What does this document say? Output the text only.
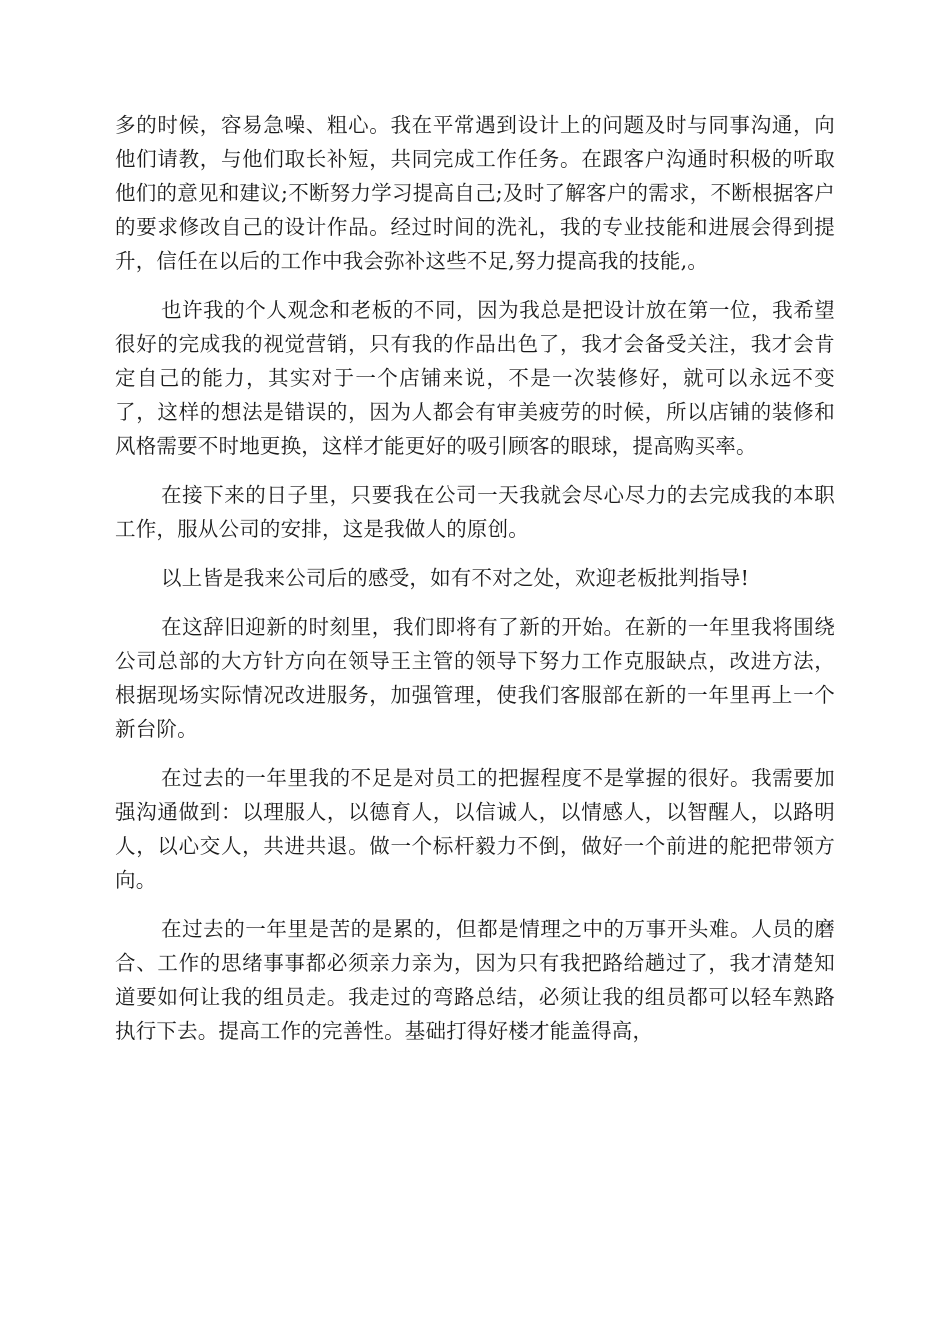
多的时候，容易急噪、粗心。我在平常遇到设计上的问题及时与同事沟通，向他们请教，与他们取长补短，共同完成工作任务。在跟客户沟通时积极的听取他们的意见和建议;不断努力学习提高自己;及时了解客户的需求，不断根据客户的要求修改自己的设计作品。经过时间的洗礼，我的专业技能和进展会得到提升，信任在以后的工作中我会弥补这些不足,努力提高我的技能,。

也许我的个人观念和老板的不同，因为我总是把设计放在第一位，我希望很好的完成我的视觉营销，只有我的作品出色了，我才会备受关注，我才会肯定自己的能力，其实对于一个店铺来说，不是一次装修好，就可以永远不变了，这样的想法是错误的，因为人都会有审美疲劳的时候，所以店铺的装修和风格需要不时地更换，这样才能更好的吸引顾客的眼球，提高购买率。

在接下来的日子里，只要我在公司一天我就会尽心尽力的去完成我的本职工作，服从公司的安排，这是我做人的原创。

以上皆是我来公司后的感受，如有不对之处，欢迎老板批判指导!

在这辞旧迎新的时刻里，我们即将有了新的开始。在新的一年里我将围绕公司总部的大方针方向在领导王主管的领导下努力工作克服缺点，改进方法，根据现场实际情况改进服务，加强管理，使我们客服部在新的一年里再上一个新台阶。

在过去的一年里我的不足是对员工的把握程度不是掌握的很好。我需要加强沟通做到：以理服人，以德育人，以信诚人，以情感人，以智醒人，以路明人，以心交人，共进共退。做一个标杆毅力不倒，做好一个前进的舵把带领方向。

在过去的一年里是苦的是累的，但都是情理之中的万事开头难。人员的磨合、工作的思绪事事都必须亲力亲为，因为只有我把路给趟过了，我才清楚知道要如何让我的组员走。我走过的弯路总结，必须让我的组员都可以轻车熟路执行下去。提高工作的完善性。基础打得好楼才能盖得高，
